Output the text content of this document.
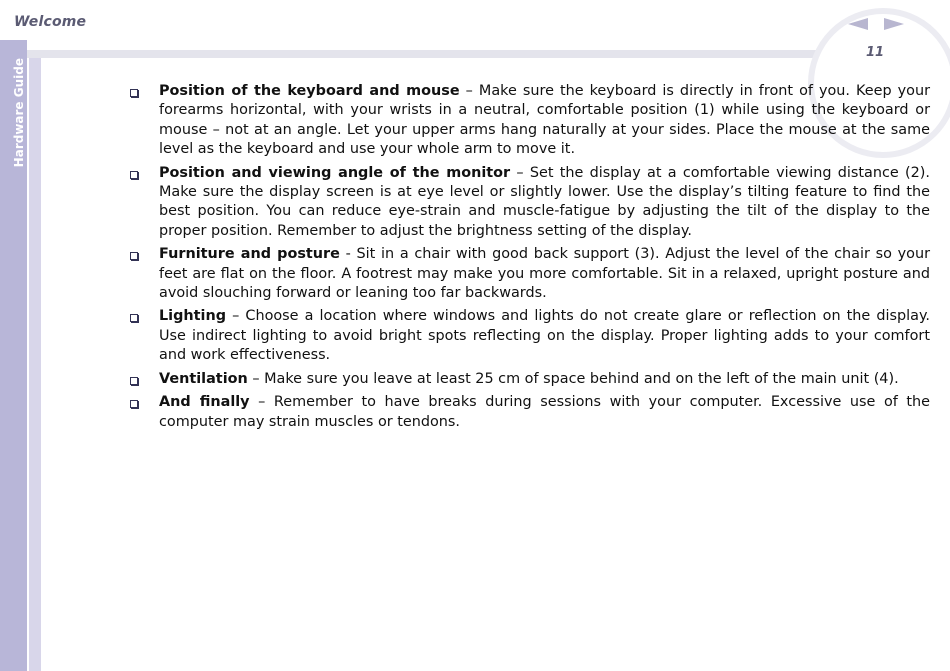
Welcome
Hardware Guide
11
Position of the keyboard and mouse – Make sure the keyboard is directly in front of you. Keep your forearms horizontal, with your wrists in a neutral, comfortable position (1) while using the keyboard or mouse – not at an angle. Let your upper arms hang naturally at your sides. Place the mouse at the same level as the keyboard and use your whole arm to move it.
Position and viewing angle of the monitor – Set the display at a comfortable viewing distance (2). Make sure the display screen is at eye level or slightly lower. Use the display’s tilting feature to find the best position. You can reduce eye-strain and muscle-fatigue by adjusting the tilt of the display to the proper position. Remember to adjust the brightness setting of the display.
Furniture and posture - Sit in a chair with good back support (3). Adjust the level of the chair so your feet are flat on the floor. A footrest may make you more comfortable. Sit in a relaxed, upright posture and avoid slouching forward or leaning too far backwards.
Lighting – Choose a location where windows and lights do not create glare or reflection on the display. Use indirect lighting to avoid bright spots reflecting on the display. Proper lighting adds to your comfort and work effectiveness.
Ventilation – Make sure you leave at least 25 cm of space behind and on the left of the main unit (4).
And finally – Remember to have breaks during sessions with your computer. Excessive use of the computer may strain muscles or tendons.
